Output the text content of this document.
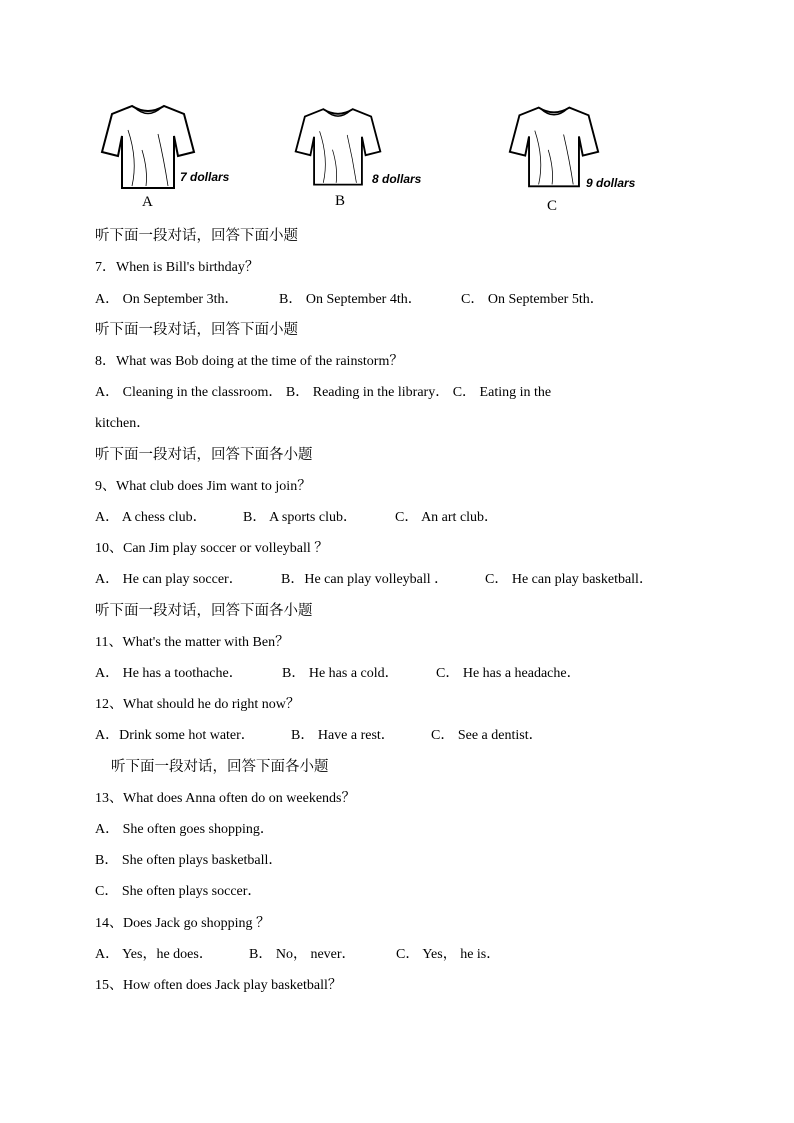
7 dollars
A
8 dollars
B
9 dollars
C
听下面一段对话，回答下面小题
7．When is Bill's birthday？
A． On September 3th．	B． On September 4th．	C． On September 5th．
听下面一段对话，回答下面小题
8．What was Bob doing at the time of the rainstorm？
A． Cleaning in the classroom． B． Reading in the library． C． Eating in the
kitchen．
听下面一段对话，回答下面各小题
9、What club does Jim want to join？
A． A chess club．	B． A sports club．	C． An art club．
10、Can Jim play soccer or volleyball ？
A． He can play soccer．	B．He can play volleyball ．	C． He can play basketball．
听下面一段对话，回答下面各小题
11、What's the matter with Ben？
A． He has a toothache．	B． He has a cold．	C． He has a headache．
12、What should he do right now？
A．Drink some hot water．	B． Have a rest．	C． See a dentist．
听下面一段对话，回答下面各小题
13、What does Anna often do on weekends？
A． She often goes shopping．
B． She often plays basketball．
C． She often plays soccer．
14、Does Jack go shopping ？
A． Yes，he does．	B． No， never．	C． Yes， he is．
15、How often does Jack play basketball？
